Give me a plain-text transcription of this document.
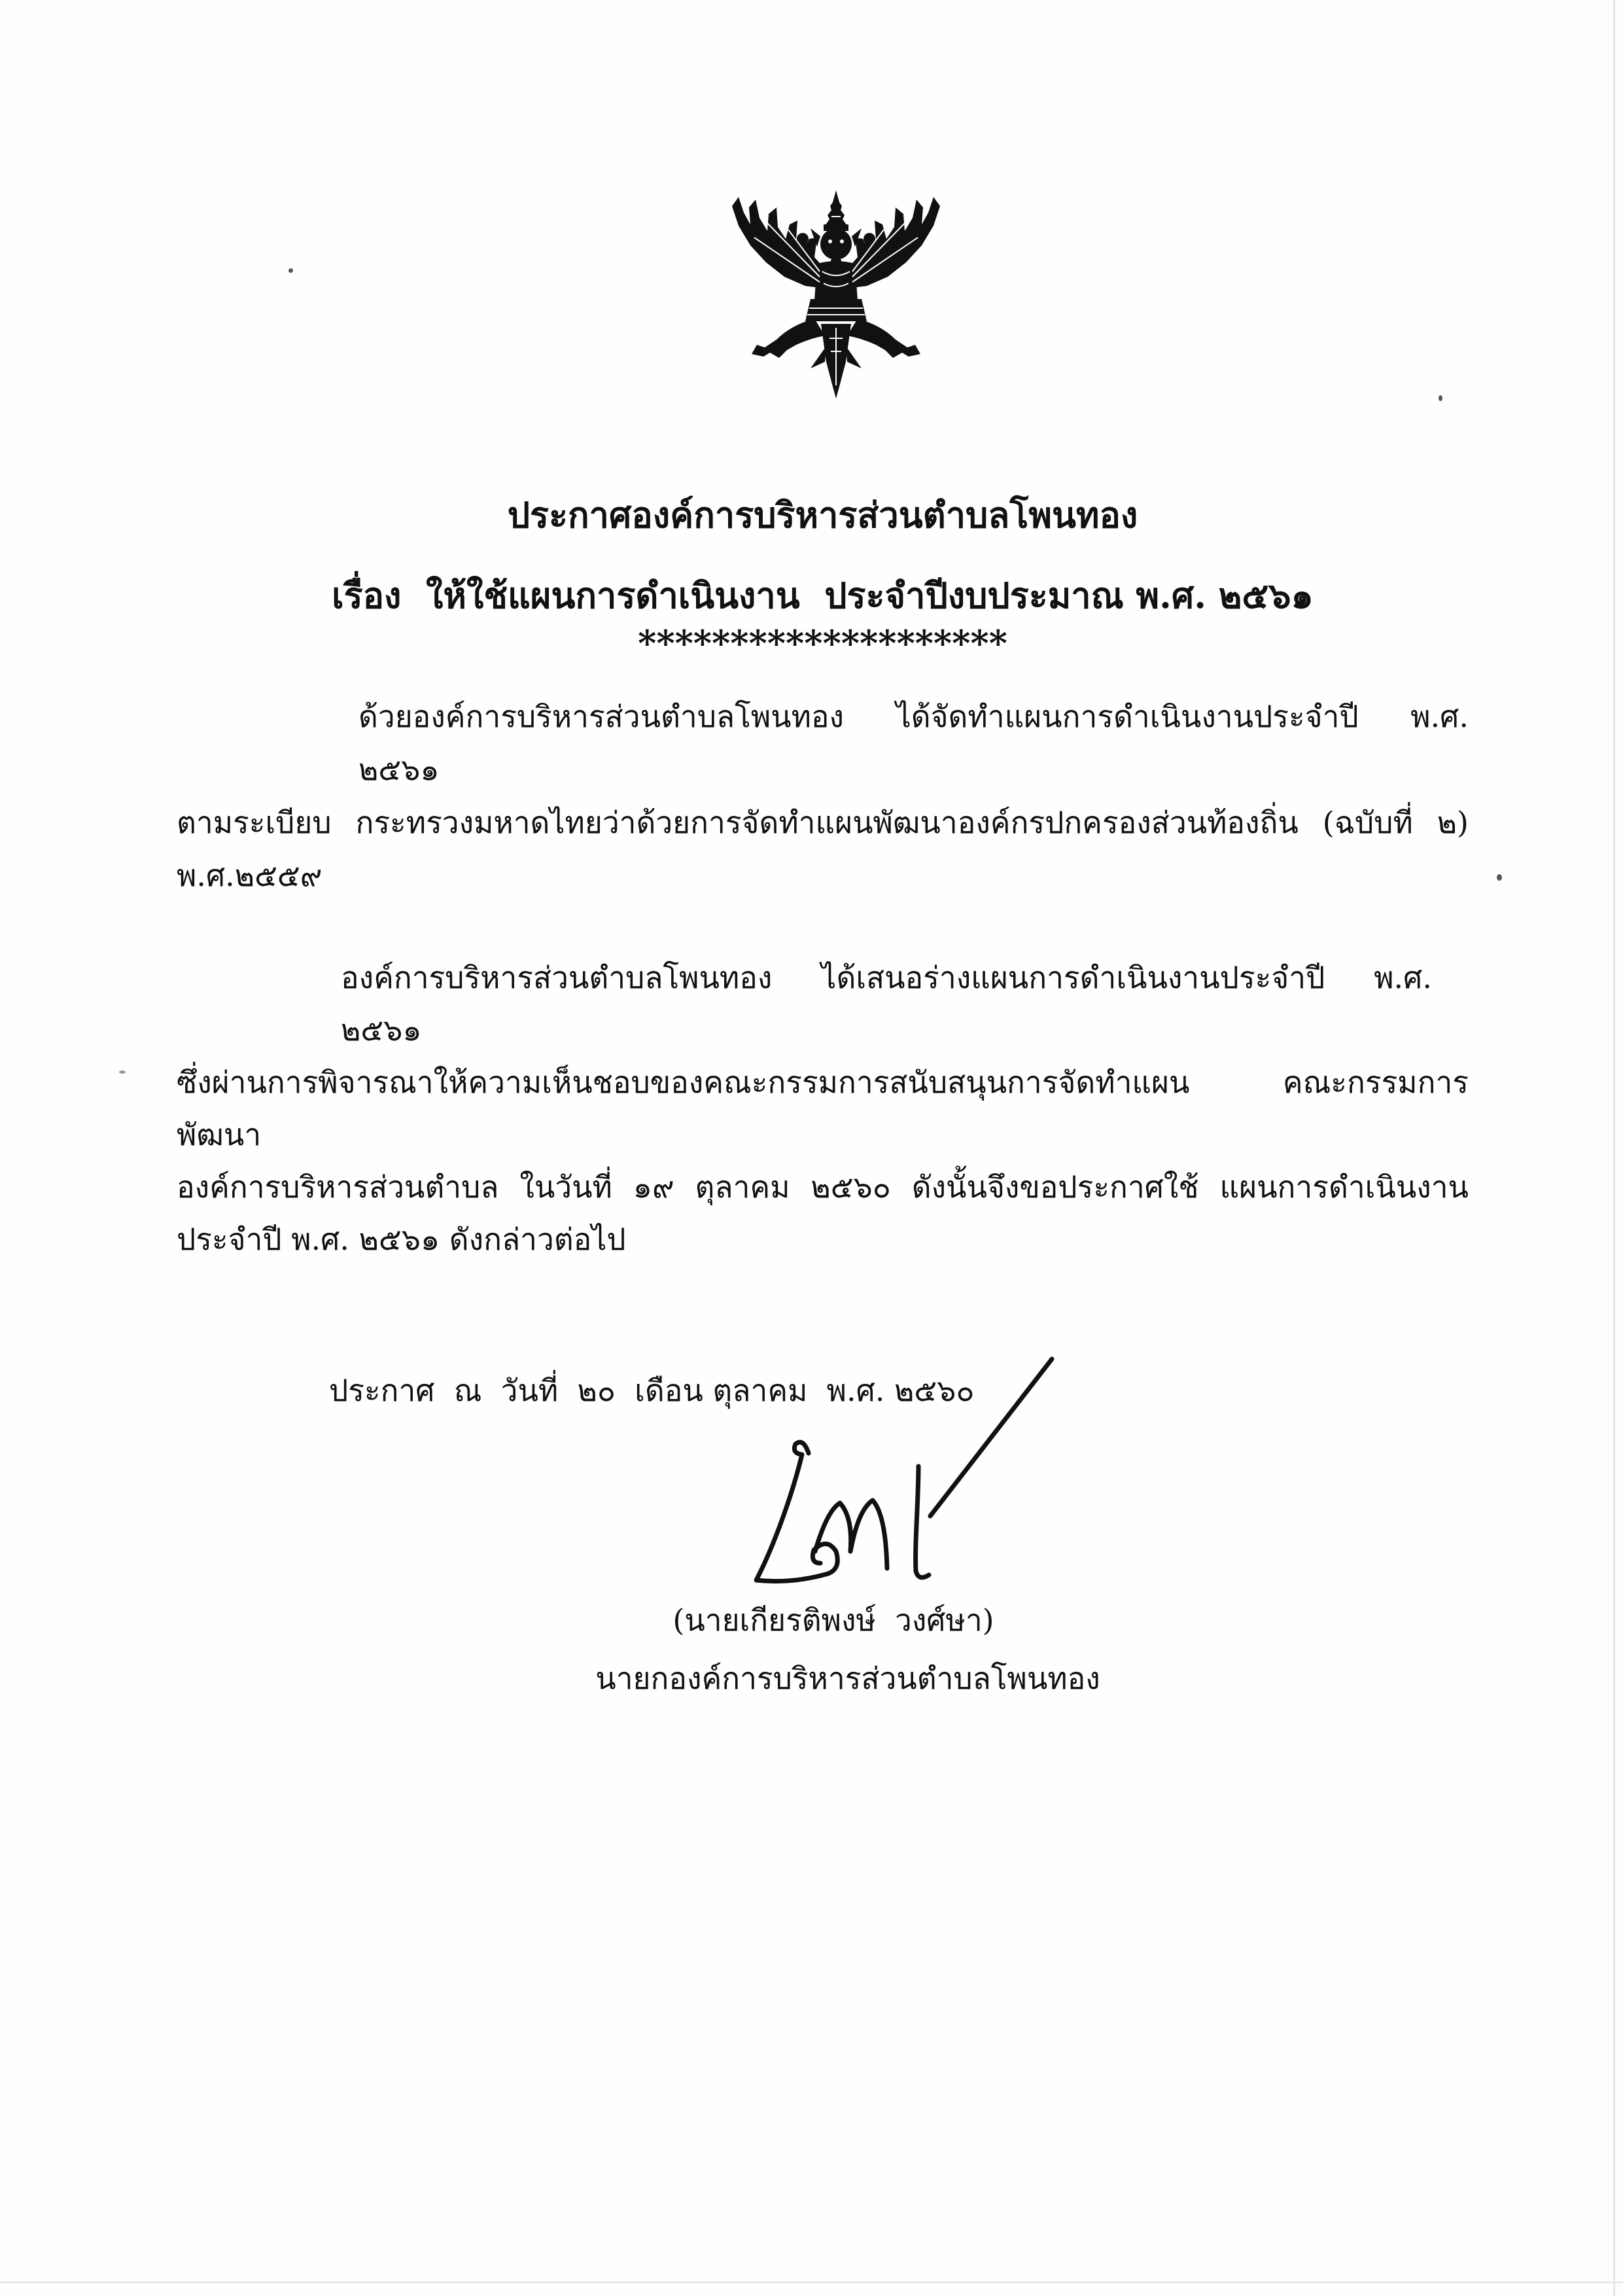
ประกาศองค์การบริหารส่วนตำบลโพนทอง
เรื่อง  ให้ใช้แผนการดำเนินงาน  ประจำปีงบประมาณ พ.ศ. ๒๕๖๑
********************
ด้วยองค์การบริหารส่วนตำบลโพนทอง ได้จัดทำแผนการดำเนินงานประจำปี พ.ศ. ๒๕๖๑
ตามระเบียบ กระทรวงมหาดไทยว่าด้วยการจัดทำแผนพัฒนาองค์กรปกครองส่วนท้องถิ่น (ฉบับที่ ๒)
พ.ศ.๒๕๕๙
องค์การบริหารส่วนตำบลโพนทอง ได้เสนอร่างแผนการดำเนินงานประจำปี พ.ศ. ๒๕๖๑
ซึ่งผ่านการพิจารณาให้ความเห็นชอบของคณะกรรมการสนับสนุนการจัดทำแผน คณะกรรมการพัฒนา
องค์การบริหารส่วนตำบล ในวันที่ ๑๙ ตุลาคม ๒๕๖๐ ดังนั้นจึงขอประกาศใช้ แผนการดำเนินงาน
ประจำปี พ.ศ. ๒๕๖๑ ดังกล่าวต่อไป
ประกาศ  ณ  วันที่  ๒๐  เดือน ตุลาคม  พ.ศ. ๒๕๖๐
(นายเกียรติพงษ์  วงศ์ษา)
นายกองค์การบริหารส่วนตำบลโพนทอง
